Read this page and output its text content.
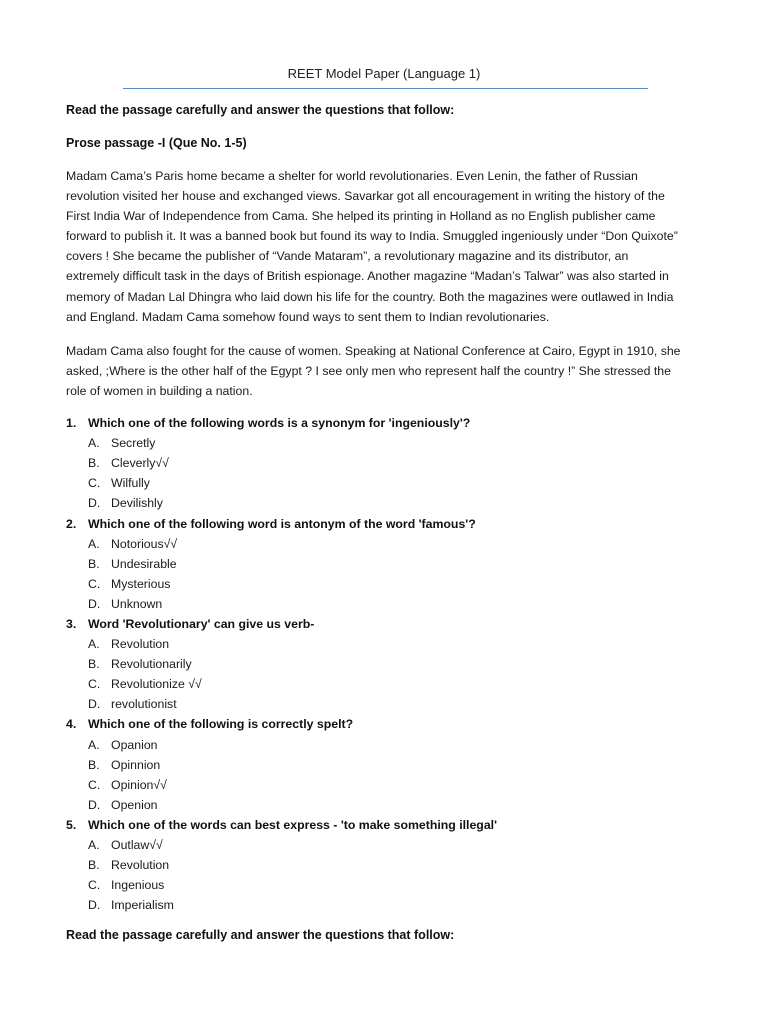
REET Model Paper (Language 1)
Read the passage carefully and answer the questions that follow:
Prose passage -I (Que No. 1-5)

Madam Cama’s Paris home became a shelter for world revolutionaries. Even Lenin, the father of Russian
revolution visited her house and exchanged views. Savarkar got all encouragement in writing the history of the
First India War of Independence from Cama. She helped its printing in Holland as no English publisher came
forward to publish it. It was a banned book but found its way to India. Smuggled ingeniously under “Don Quixote”
covers ! She became the publisher of “Vande Mataram”, a revolutionary magazine and its distributor, an
extremely difficult task in the days of British espionage. Another magazine “Madan’s Talwar” was also started in
memory of Madan Lal Dhingra who laid down his life for the country. Both the magazines were outlawed in India
and England. Madam Cama somehow found ways to sent them to Indian revolutionaries.

Madam Cama also fought for the cause of women. Speaking at National Conference at Cairo, Egypt in 1910, she
asked, ;Where is the other half of the Egypt ? I see only men who represent half the country !” She stressed the
role of women in building a nation.

1. Which one of the following words is a synonym for 'ingeniously'?
A. Secretly
B. Cleverly√√
C. Wilfully
D. Devilishly
2. Which one of the following word is antonym of the word 'famous'?
A. Notorious√√
B. Undesirable
C. Mysterious
D. Unknown
3. Word 'Revolutionary' can give us verb-
A. Revolution
B. Revolutionarily
C. Revolutionize √√
D. revolutionist
4. Which one of the following is correctly spelt?
A. Opanion
B. Opinnion
C. Opinion√√
D. Openion
5. Which one of the words can best express - 'to make something illegal'
A. Outlaw√√
B. Revolution
C. Ingenious
D. Imperialism
Read the passage carefully and answer the questions that follow:
